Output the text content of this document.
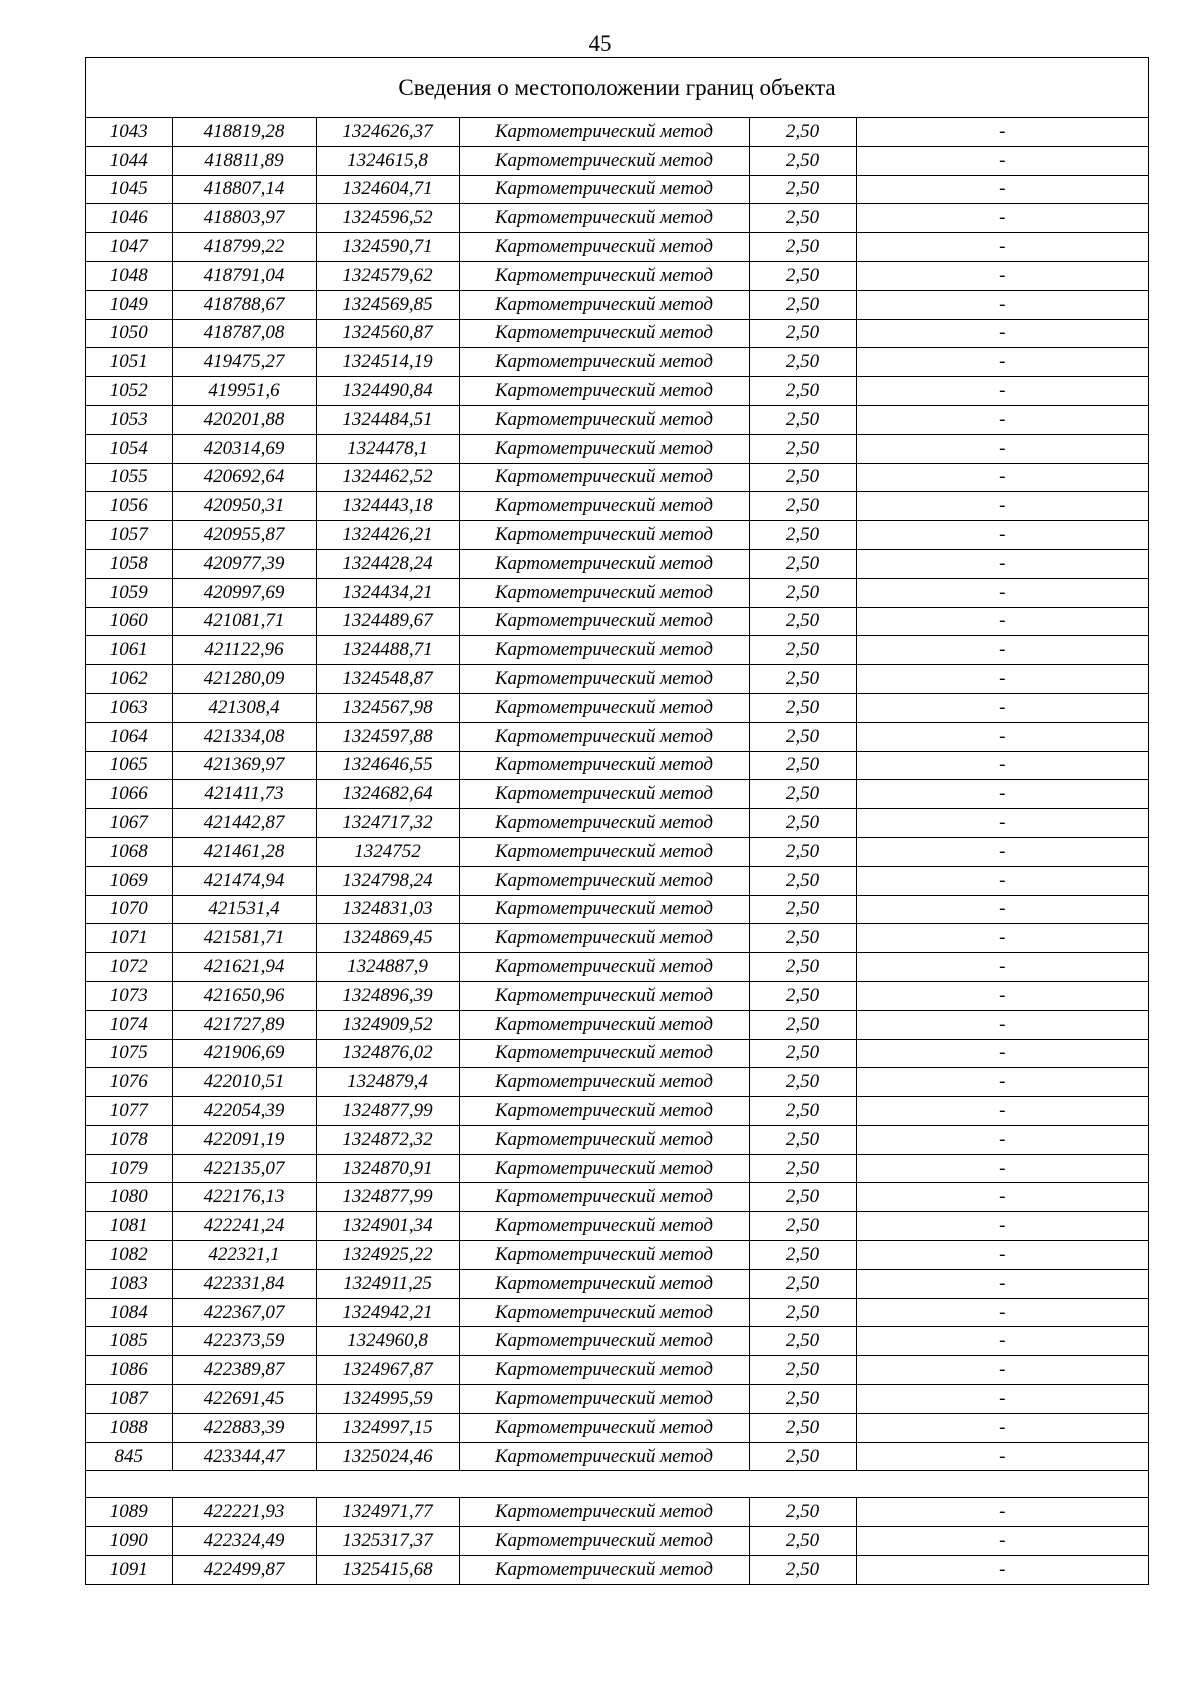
45
Сведения о местоположении границ объекта
1043	418819,28	1324626,37	Картометрический метод	2,50	-
1044	418811,89	1324615,8	Картометрический метод	2,50	-
1045	418807,14	1324604,71	Картометрический метод	2,50	-
1046	418803,97	1324596,52	Картометрический метод	2,50	-
1047	418799,22	1324590,71	Картометрический метод	2,50	-
1048	418791,04	1324579,62	Картометрический метод	2,50	-
1049	418788,67	1324569,85	Картометрический метод	2,50	-
1050	418787,08	1324560,87	Картометрический метод	2,50	-
1051	419475,27	1324514,19	Картометрический метод	2,50	-
1052	419951,6	1324490,84	Картометрический метод	2,50	-
1053	420201,88	1324484,51	Картометрический метод	2,50	-
1054	420314,69	1324478,1	Картометрический метод	2,50	-
1055	420692,64	1324462,52	Картометрический метод	2,50	-
1056	420950,31	1324443,18	Картометрический метод	2,50	-
1057	420955,87	1324426,21	Картометрический метод	2,50	-
1058	420977,39	1324428,24	Картометрический метод	2,50	-
1059	420997,69	1324434,21	Картометрический метод	2,50	-
1060	421081,71	1324489,67	Картометрический метод	2,50	-
1061	421122,96	1324488,71	Картометрический метод	2,50	-
1062	421280,09	1324548,87	Картометрический метод	2,50	-
1063	421308,4	1324567,98	Картометрический метод	2,50	-
1064	421334,08	1324597,88	Картометрический метод	2,50	-
1065	421369,97	1324646,55	Картометрический метод	2,50	-
1066	421411,73	1324682,64	Картометрический метод	2,50	-
1067	421442,87	1324717,32	Картометрический метод	2,50	-
1068	421461,28	1324752	Картометрический метод	2,50	-
1069	421474,94	1324798,24	Картометрический метод	2,50	-
1070	421531,4	1324831,03	Картометрический метод	2,50	-
1071	421581,71	1324869,45	Картометрический метод	2,50	-
1072	421621,94	1324887,9	Картометрический метод	2,50	-
1073	421650,96	1324896,39	Картометрический метод	2,50	-
1074	421727,89	1324909,52	Картометрический метод	2,50	-
1075	421906,69	1324876,02	Картометрический метод	2,50	-
1076	422010,51	1324879,4	Картометрический метод	2,50	-
1077	422054,39	1324877,99	Картометрический метод	2,50	-
1078	422091,19	1324872,32	Картометрический метод	2,50	-
1079	422135,07	1324870,91	Картометрический метод	2,50	-
1080	422176,13	1324877,99	Картометрический метод	2,50	-
1081	422241,24	1324901,34	Картометрический метод	2,50	-
1082	422321,1	1324925,22	Картометрический метод	2,50	-
1083	422331,84	1324911,25	Картометрический метод	2,50	-
1084	422367,07	1324942,21	Картометрический метод	2,50	-
1085	422373,59	1324960,8	Картометрический метод	2,50	-
1086	422389,87	1324967,87	Картометрический метод	2,50	-
1087	422691,45	1324995,59	Картометрический метод	2,50	-
1088	422883,39	1324997,15	Картометрический метод	2,50	-
845	423344,47	1325024,46	Картометрический метод	2,50	-

1089	422221,93	1324971,77	Картометрический метод	2,50	-
1090	422324,49	1325317,37	Картометрический метод	2,50	-
1091	422499,87	1325415,68	Картометрический метод	2,50	-
